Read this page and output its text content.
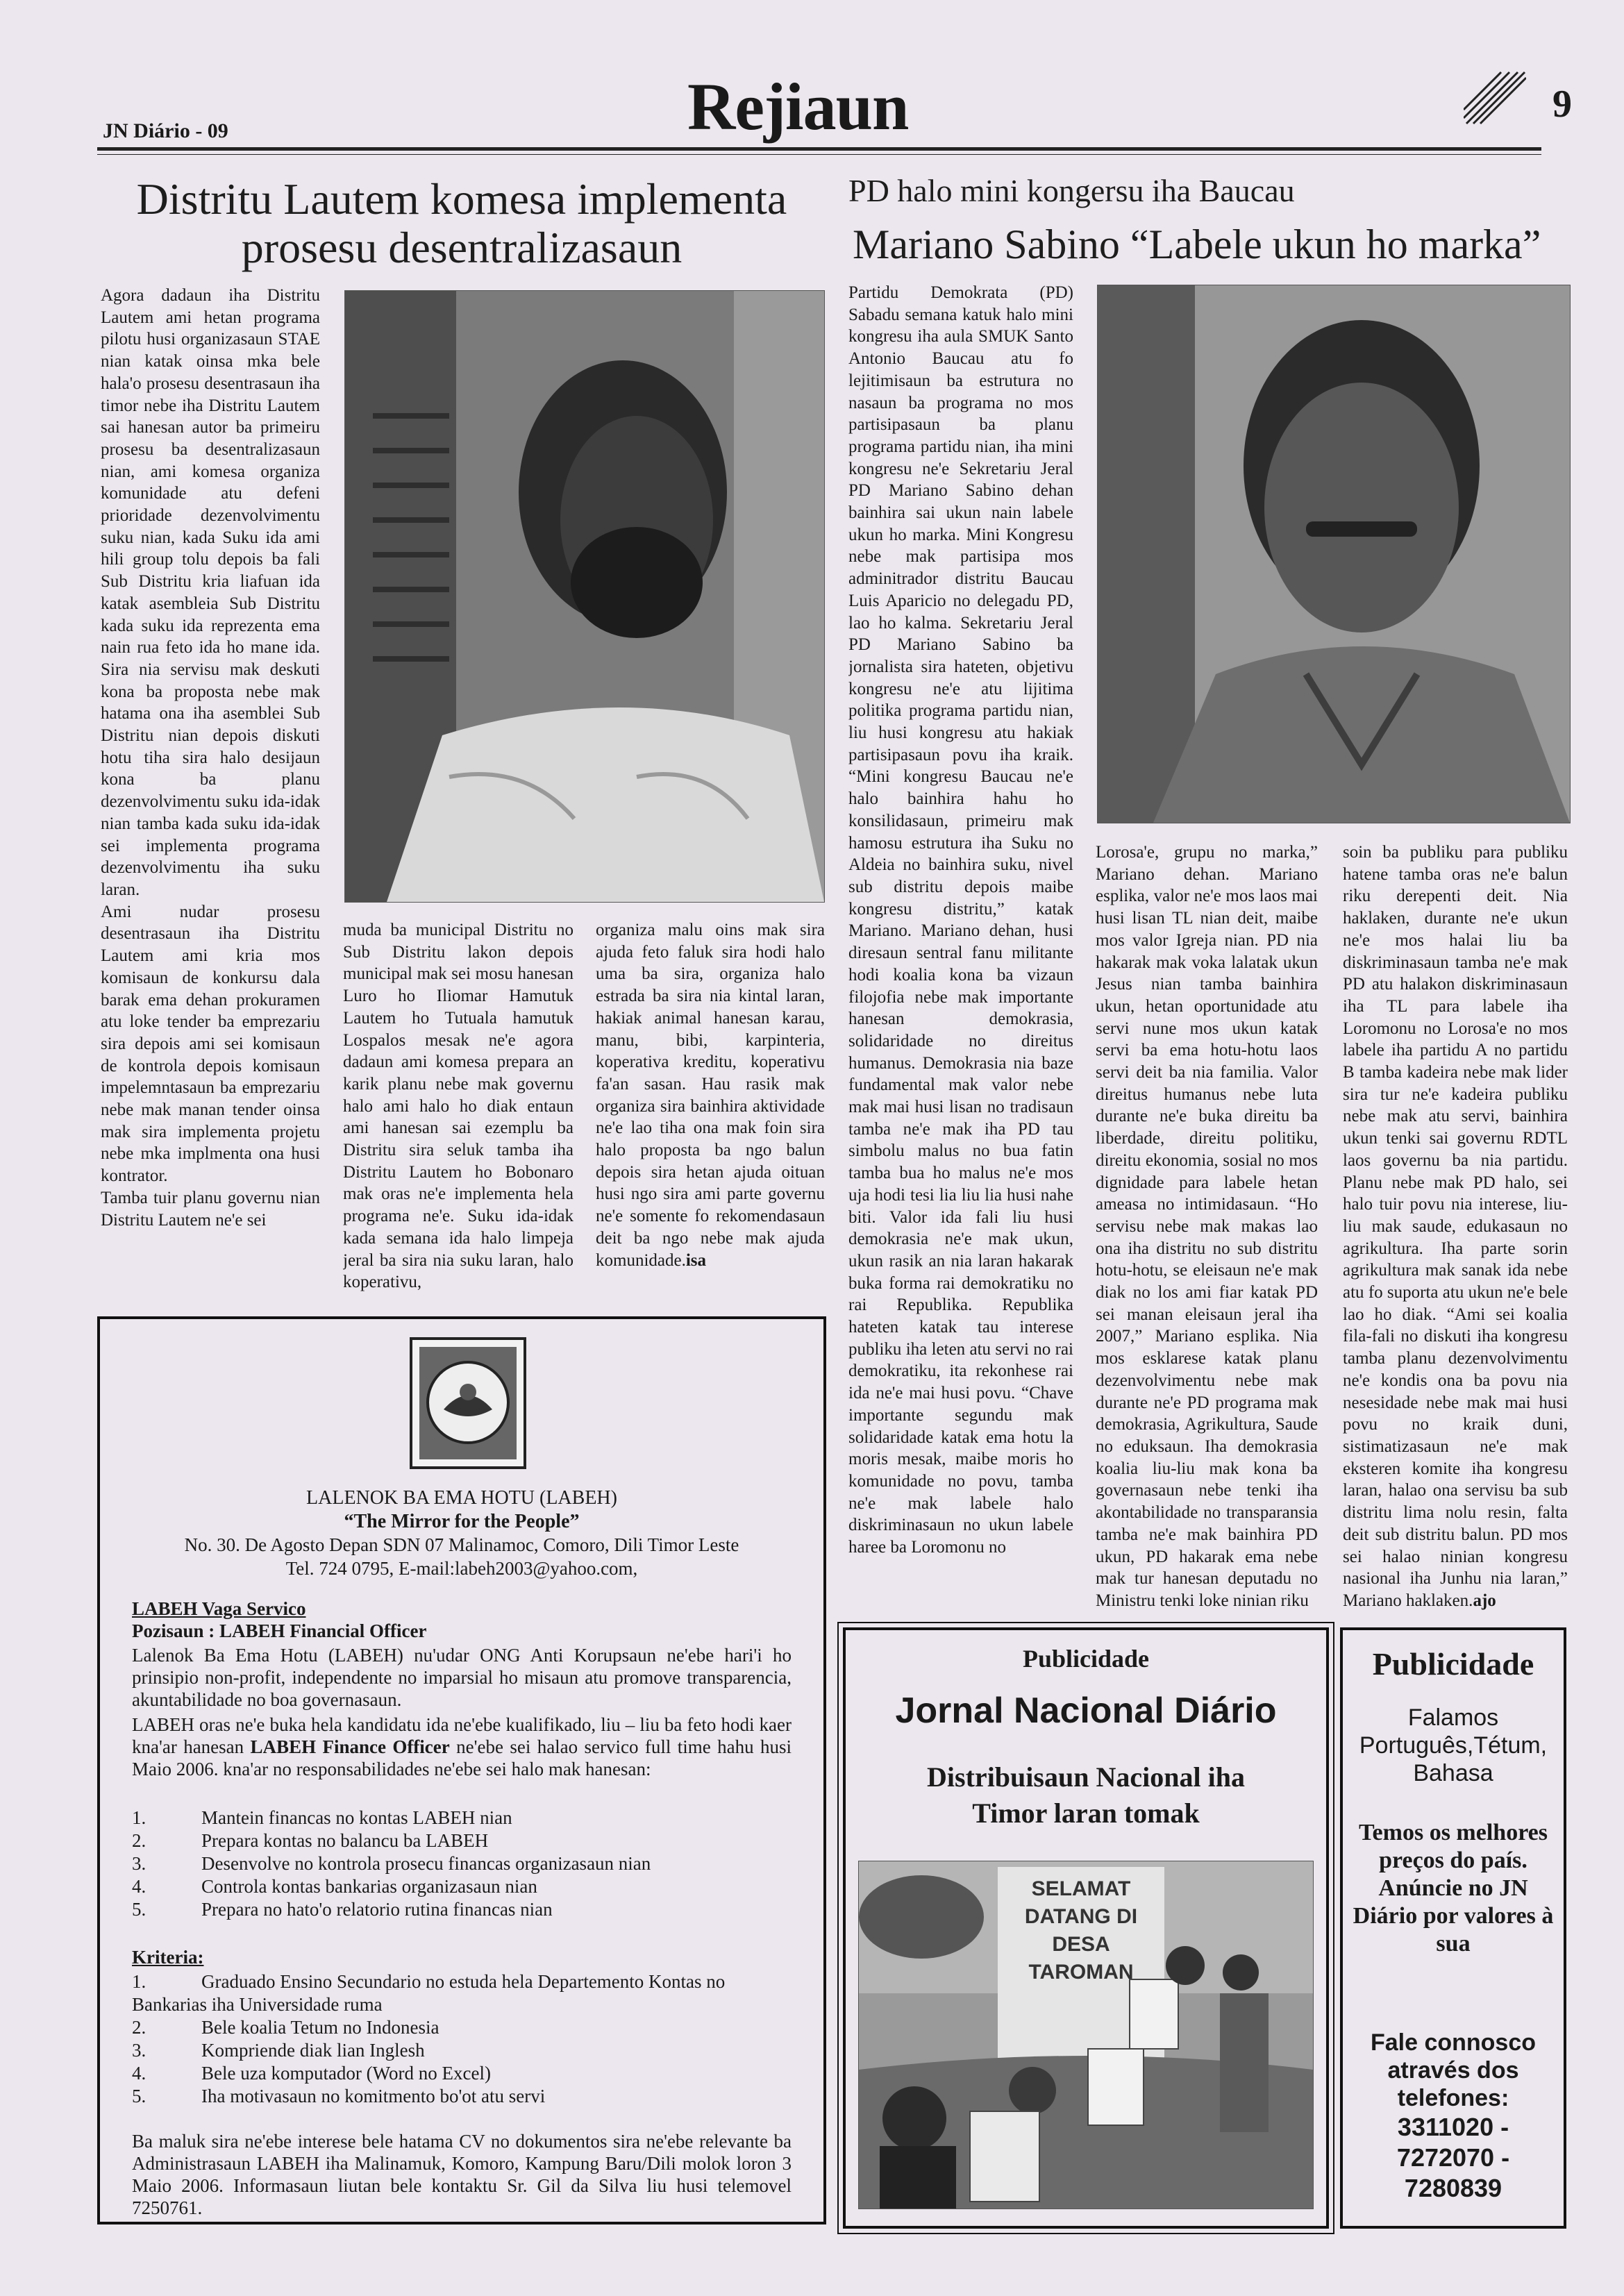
JN Diário - 09	Rejiaun	9
Distritu Lautem komesa implementa prosesu desentralizasaun

Agora dadaun iha Distritu Lautem ami hetan programa pilotu husi organizasaun STAE nian katak oinsa mka bele hala'o prosesu desentrasaun iha timor nebe iha Distritu Lautem sai hanesan autor ba primeiru prosesu ba desentralizasaun nian, ami komesa organiza komunidade atu defeni prioridade dezenvolvimentu suku nian, kada Suku ida ami hili group tolu depois ba fali Sub Distritu kria liafuan ida katak asembleia Sub Distritu kada suku ida reprezenta ema nain rua feto ida ho mane ida. Sira nia servisu mak deskuti kona ba proposta nebe mak hatama ona iha asemblei Sub Distritu nian depois diskuti hotu tiha sira halo desijaun kona ba planu dezenvolvimentu suku ida-idak nian tamba kada suku ida-idak sei implementa programa dezenvolvimentu iha suku laran.

Ami nudar prosesu desentrasaun iha Distritu Lautem ami kria mos komisaun de konkursu dala barak ema dehan prokuramen atu loke tender ba emprezariu sira depois ami sei komisaun de kontrola depois komisaun impelemntasaun ba emprezariu nebe mak manan tender oinsa mak sira implementa projetu nebe mka implmenta ona husi kontrator.

Tamba tuir planu governu nian Distritu Lautem ne'e sei

muda ba municipal Distritu no Sub Distritu lakon depois municipal mak sei mosu hanesan Luro ho Iliomar Hamutuk Lautem ho Tutuala hamutuk Lospalos mesak ne'e agora dadaun ami komesa prepara an karik planu nebe mak governu halo ami halo ho diak entaun ami hanesan sai ezemplu ba Distritu sira seluk tamba iha Distritu Lautem ho Bobonaro mak oras ne'e implementa hela programa ne'e. Suku ida-idak kada semana ida halo limpeja jeral ba sira nia suku laran, halo koperativu,

organiza malu oins mak sira ajuda feto faluk sira hodi halo uma ba sira, organiza halo estrada ba sira nia kintal laran, hakiak animal hanesan karau, manu, bibi, karpinteria, koperativa kreditu, koperativu fa'an sasan. Hau rasik mak organiza sira bainhira aktividade ne'e lao tiha ona mak foin sira halo proposta ba ngo balun depois sira hetan ajuda oituan husi ngo sira ami parte governu ne'e somente fo rekomendasaun deit ba ngo nebe mak ajuda komunidade.isa

PD halo mini kongersu iha Baucau
Mariano Sabino “Labele ukun ho marka”

Partidu Demokrata (PD) Sabadu semana katuk halo mini kongresu iha aula SMUK Santo Antonio Baucau atu fo lejitimisaun ba estrutura no nasaun ba programa no mos partisipasaun ba planu programa partidu nian, iha mini kongresu ne'e Sekretariu Jeral PD Mariano Sabino dehan bainhira sai ukun nain labele ukun ho marka. Mini Kongresu nebe mak partisipa mos adminitrador distritu Baucau Luis Aparicio no delegadu PD, lao ho kalma. Sekretariu Jeral PD Mariano Sabino ba jornalista sira hateten, objetivu kongresu ne'e atu lijitima politika programa partidu nian, liu husi kongresu atu hakiak partisipasaun povu iha kraik. “Mini kongresu Baucau ne'e halo bainhira hahu ho konsilidasaun, primeiru mak hamosu estrutura iha Suku no Aldeia no bainhira suku, nivel sub distritu depois maibe kongresu distritu,” katak Mariano. Mariano dehan, husi diresaun sentral fanu militante hodi koalia kona ba vizaun filojofia nebe mak importante hanesan demokrasia, solidaridade no direitus humanus. Demokrasia nia baze fundamental mak valor nebe mak mai husi lisan no tradisaun tamba ne'e mak iha PD tau simbolu malus no bua fatin tamba bua ho malus ne'e mos uja hodi tesi lia liu lia husi nahe biti. Valor ida fali liu husi demokrasia ne'e mak ukun, ukun rasik an nia laran hakarak buka forma rai demokratiku no rai Republika. Republika hateten katak tau interese publiku iha leten atu servi no rai demokratiku, ita rekonhese rai ida ne'e mai husi povu. “Chave importante segundu mak solidaridade katak ema hotu la moris mesak, maibe moris ho komunidade no povu, tamba ne'e mak labele halo diskriminasaun no ukun labele haree ba Loromonu no

Lorosa'e, grupu no marka,” Mariano dehan. Mariano esplika, valor ne'e mos laos mai husi lisan TL nian deit, maibe mos valor Igreja nian. PD nia hakarak mak voka lalatak ukun Jesus nian tamba bainhira ukun, hetan oportunidade atu servi nune mos ukun katak servi ba ema hotu-hotu laos servi deit ba nia familia. Valor direitus humanus nebe luta durante ne'e buka direitu ba liberdade, direitu politiku, direitu ekonomia, sosial no mos dignidade para labele hetan ameasa no intimidasaun. “Ho servisu nebe mak makas lao ona iha distritu no sub distritu hotu-hotu, se eleisaun ne'e mak diak no los ami fiar katak PD sei manan eleisaun jeral iha 2007,” Mariano esplika. Nia mos esklarese katak planu dezenvolvimentu nebe mak durante ne'e PD programa mak demokrasia, Agrikultura, Saude no eduksaun. Iha demokrasia koalia liu-liu mak kona ba governasaun nebe tenki iha akontabilidade no transparansia tamba ne'e mak bainhira PD ukun, PD hakarak ema nebe mak tur hanesan deputadu no Ministru tenki loke ninian riku

soin ba publiku para publiku hatene tamba oras ne'e balun riku derepenti deit. Nia haklaken, durante ne'e ukun ne'e mos halai liu ba diskriminasaun tamba ne'e mak PD atu halakon diskriminasaun iha TL para labele iha Loromonu no Lorosa'e no mos labele iha partidu A no partidu B tamba kadeira nebe mak lider sira tur ne'e kadeira publiku nebe mak atu servi, bainhira ukun tenki sai governu RDTL laos governu ba nia partidu. Planu nebe mak PD halo, sei halo tuir povu nia interese, liu-liu mak saude, edukasaun no agrikultura. Iha parte sorin agrikultura mak sanak ida nebe atu fo suporta atu ukun ne'e bele lao ho diak. “Ami sei koalia fila-fali no diskuti iha kongresu tamba planu dezenvolvimentu ne'e kondis ona ba povu nia nesesidade nebe mak mai husi povu no kraik duni, sistimatizasaun ne'e mak eksteren komite iha kongresu laran, halao ona servisu ba sub distritu lima nolu resin, falta deit sub distritu balun. PD mos sei halao ninian kongresu nasional iha Junhu nia laran,” Mariano haklaken.ajo

LALENOK BA EMA HOTU (LABEH)
“The Mirror for the People”
No. 30. De Agosto Depan SDN 07 Malinamoc, Comoro, Dili Timor Leste
Tel. 724 0795, E-mail:labeh2003@yahoo.com,
LABEH Vaga Servico
Pozisaun : LABEH Financial Officer
Lalenok Ba Ema Hotu (LABEH) nu'udar ONG Anti Korupsaun ne'ebe hari'i ho prinsipio non-profit, independente no imparsial ho misaun atu promove transparencia, akuntabilidade no boa governasaun.
LABEH oras ne'e buka hela kandidatu ida ne'ebe kualifikado, liu – liu ba feto hodi kaer kna'ar hanesan LABEH Finance Officer ne'ebe sei halao servico full time hahu husi Maio 2006. kna'ar no responsabilidades ne'ebe sei halo mak hanesan:
1.	Mantein financas no kontas LABEH nian
2.	Prepara kontas no balancu ba LABEH
3.	Desenvolve no kontrola prosecu financas organizasaun nian
4.	Controla kontas bankarias organizasaun nian
5.	Prepara no hato'o relatorio rutina financas nian
Kriteria:
1.	Graduado Ensino Secundario no estuda hela Departemento Kontas no Bankarias iha Universidade ruma
2.	Bele koalia Tetum no Indonesia
3.	Kompriende diak lian Inglesh
4.	Bele uza komputador (Word no Excel)
5.	Iha motivasaun no komitmento bo'ot atu servi
Ba maluk sira ne'ebe interese bele hatama CV no dokumentos sira ne'ebe relevante ba Administrasaun LABEH iha Malinamuk, Komoro, Kampung Baru/Dili molok loron 3 Maio 2006. Informasaun liutan bele kontaktu Sr. Gil da Silva liu husi telemovel 7250761.
Publicidade
Jornal Nacional Diário
Distribuisaun Nacional iha Timor laran tomak
SELAMAT DATANG DI DESA TAROMAN
Publicidade
Falamos Português,Tétum, Bahasa
Temos os melhores preços do país. Anúncie no JN Diário por valores à sua
Fale connosco através dos telefones:
3311020 - 7272070 - 7280839
